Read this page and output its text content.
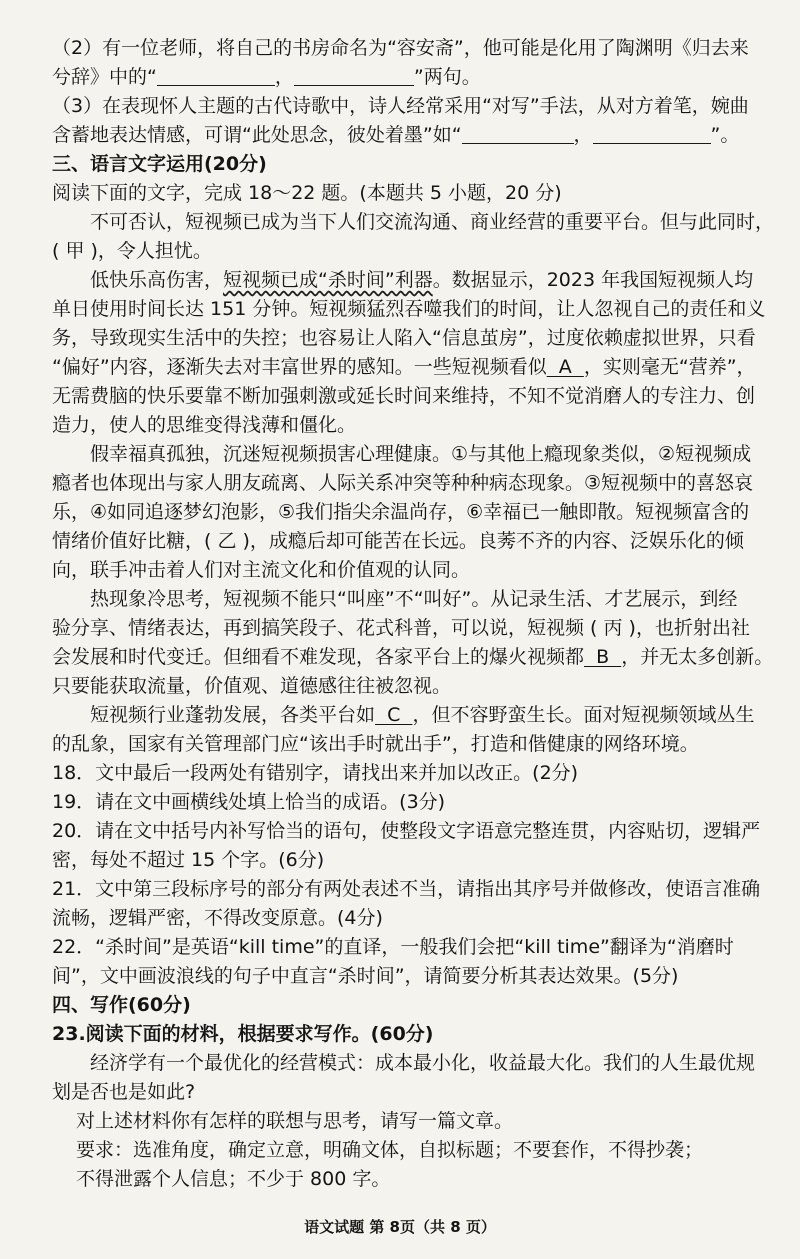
（2）有一位老师，将自己的书房命名为“容安斋”，他可能是化用了陶渊明《归去来
兮辞》中的“	，	”两句。
（3）在表现怀人主题的古代诗歌中，诗人经常采用“对写”手法，从对方着笔，婉曲
含蓄地表达情感，可谓“此处思念，彼处着墨”如“	，	”。
三、语言文字运用(20分)
阅读下面的文字，完成 18～22 题。(本题共 5 小题，20 分)
不可否认，短视频已成为当下人们交流沟通、商业经营的重要平台。但与此同时，
( 甲 )，令人担忧。
低快乐高伤害，短视频已成“杀时间”利器。数据显示，2023 年我国短视频人均
单日使用时间长达 151 分钟。短视频猛烈吞噬我们的时间，让人忽视自己的责任和义
务，导致现实生活中的失控；也容易让人陷入“信息茧房”，过度依赖虚拟世界，只看
“偏好”内容，逐渐失去对丰富世界的感知。一些短视频看似  A  ，实则毫无“营养”，
无需费脑的快乐要靠不断加强刺激或延长时间来维持，不知不觉消磨人的专注力、创
造力，使人的思维变得浅薄和僵化。
假幸福真孤独，沉迷短视频损害心理健康。①与其他上瘾现象类似，②短视频成
瘾者也体现出与家人朋友疏离、人际关系冲突等种种病态现象。③短视频中的喜怒哀
乐，④如同追逐梦幻泡影，⑤我们指尖余温尚存，⑥幸福已一触即散。短视频富含的
情绪价值好比糖，( 乙 )，成瘾后却可能苦在长远。良莠不齐的内容、泛娱乐化的倾
向，联手冲击着人们对主流文化和价值观的认同。
热现象冷思考，短视频不能只“叫座”不“叫好”。从记录生活、才艺展示，到经
验分享、情绪表达，再到搞笑段子、花式科普，可以说，短视频 ( 丙 )，也折射出社
会发展和时代变迁。但细看不难发现，各家平台上的爆火视频都  B  ，并无太多创新。
只要能获取流量，价值观、道德感往往被忽视。
短视频行业蓬勃发展，各类平台如  C  ，但不容野蛮生长。面对短视频领域丛生
的乱象，国家有关管理部门应“该出手时就出手”，打造和偕健康的网络环境。
18．文中最后一段两处有错别字，请找出来并加以改正。(2分)
19．请在文中画横线处填上恰当的成语。(3分)
20．请在文中括号内补写恰当的语句，使整段文字语意完整连贯，内容贴切，逻辑严
密，每处不超过 15 个字。(6分)
21．文中第三段标序号的部分有两处表述不当，请指出其序号并做修改，使语言准确
流畅，逻辑严密，不得改变原意。(4分)
22．“杀时间”是英语“kill time”的直译，一般我们会把“kill time”翻译为“消磨时
间”，文中画波浪线的句子中直言“杀时间”，请简要分析其表达效果。(5分)
四、写作(60分)
23.阅读下面的材料，根据要求写作。(60分)
经济学有一个最优化的经营模式：成本最小化，收益最大化。我们的人生最优规
划是否也是如此?
对上述材料你有怎样的联想与思考，请写一篇文章。
要求：选准角度，确定立意，明确文体，自拟标题；不要套作，不得抄袭；
不得泄露个人信息；不少于 800 字。
语文试题 第 8页（共 8 页）
